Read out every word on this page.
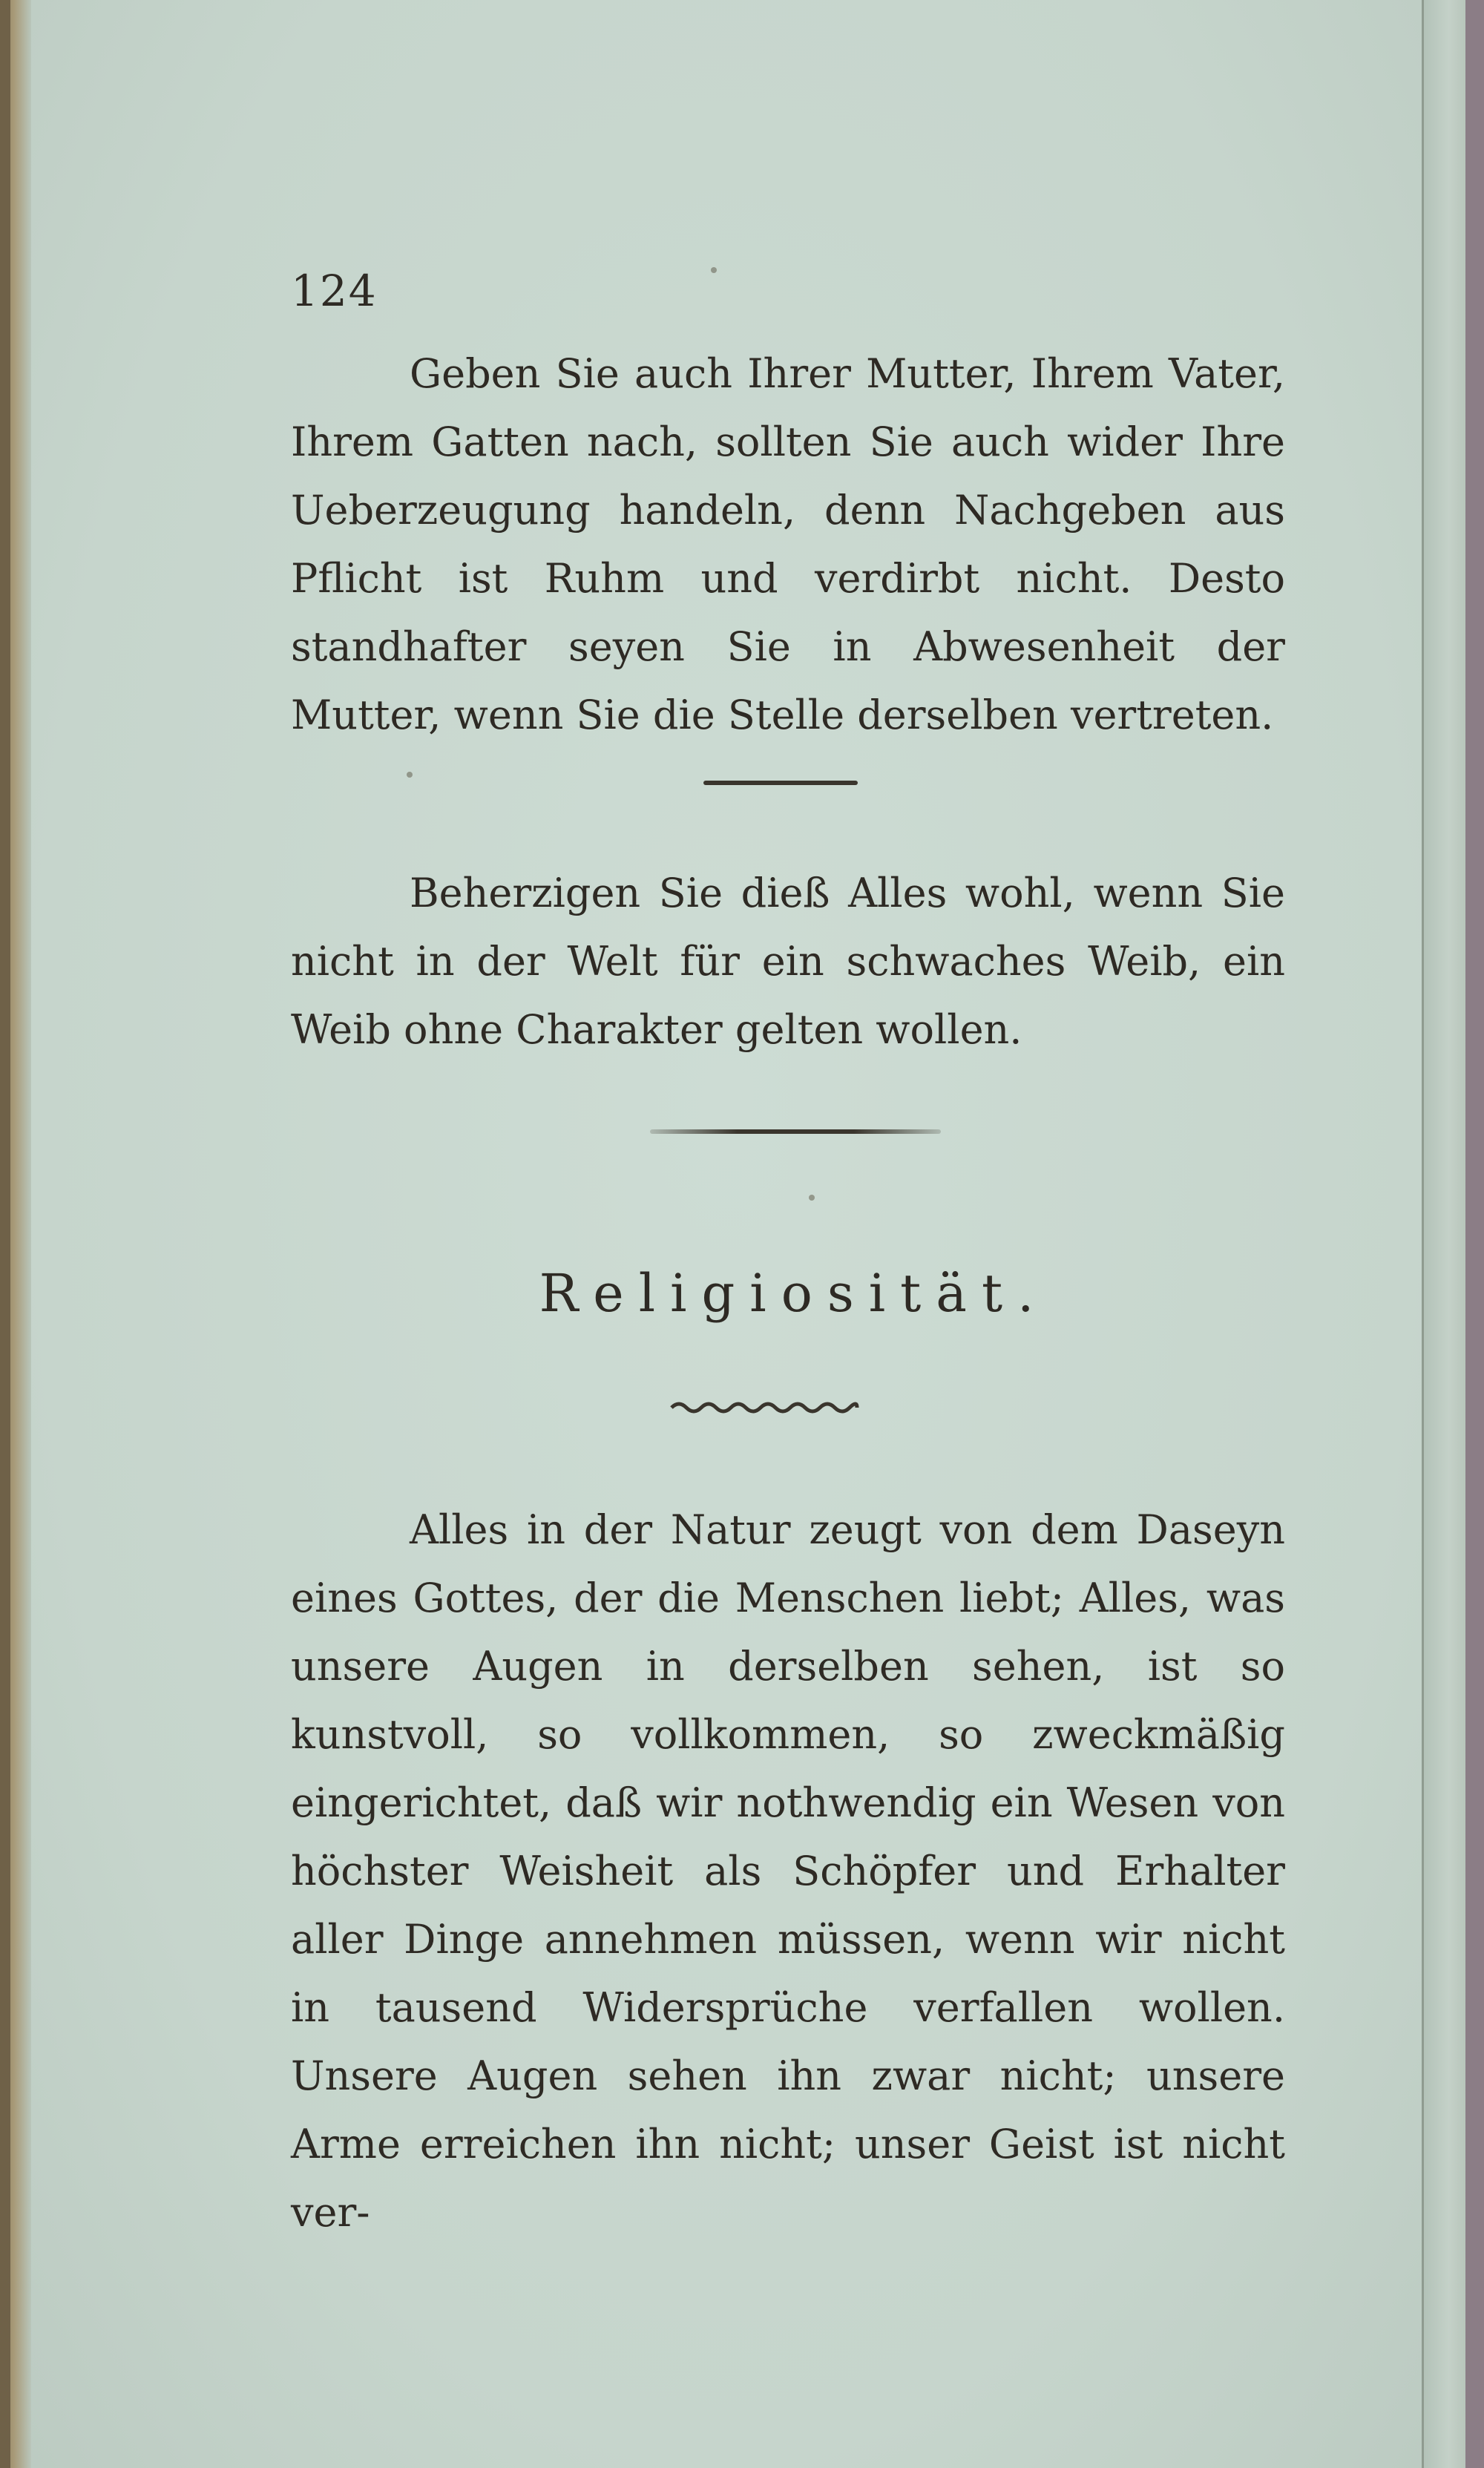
124

Geben Sie auch Ihrer Mutter, Ihrem Vater, Ihrem Gatten nach, sollten Sie auch wider Ihre Ueberzeugung handeln, denn Nachgeben aus Pflicht ist Ruhm und verdirbt nicht. Desto standhafter seyen Sie in Abwesenheit der Mutter, wenn Sie die Stelle derselben vertreten.

Beherzigen Sie dieß Alles wohl, wenn Sie nicht in der Welt für ein schwaches Weib, ein Weib ohne Charakter gelten wollen.

Religiosität.

Alles in der Natur zeugt von dem Daseyn eines Gottes, der die Menschen liebt; Alles, was unsere Augen in derselben sehen, ist so kunstvoll, so vollkommen, so zweckmäßig eingerichtet, daß wir nothwendig ein Wesen von höchster Weisheit als Schöpfer und Erhalter aller Dinge annehmen müssen, wenn wir nicht in tausend Widersprüche verfallen wollen. Unsere Augen sehen ihn zwar nicht; unsere Arme erreichen ihn nicht; unser Geist ist nicht ver-
